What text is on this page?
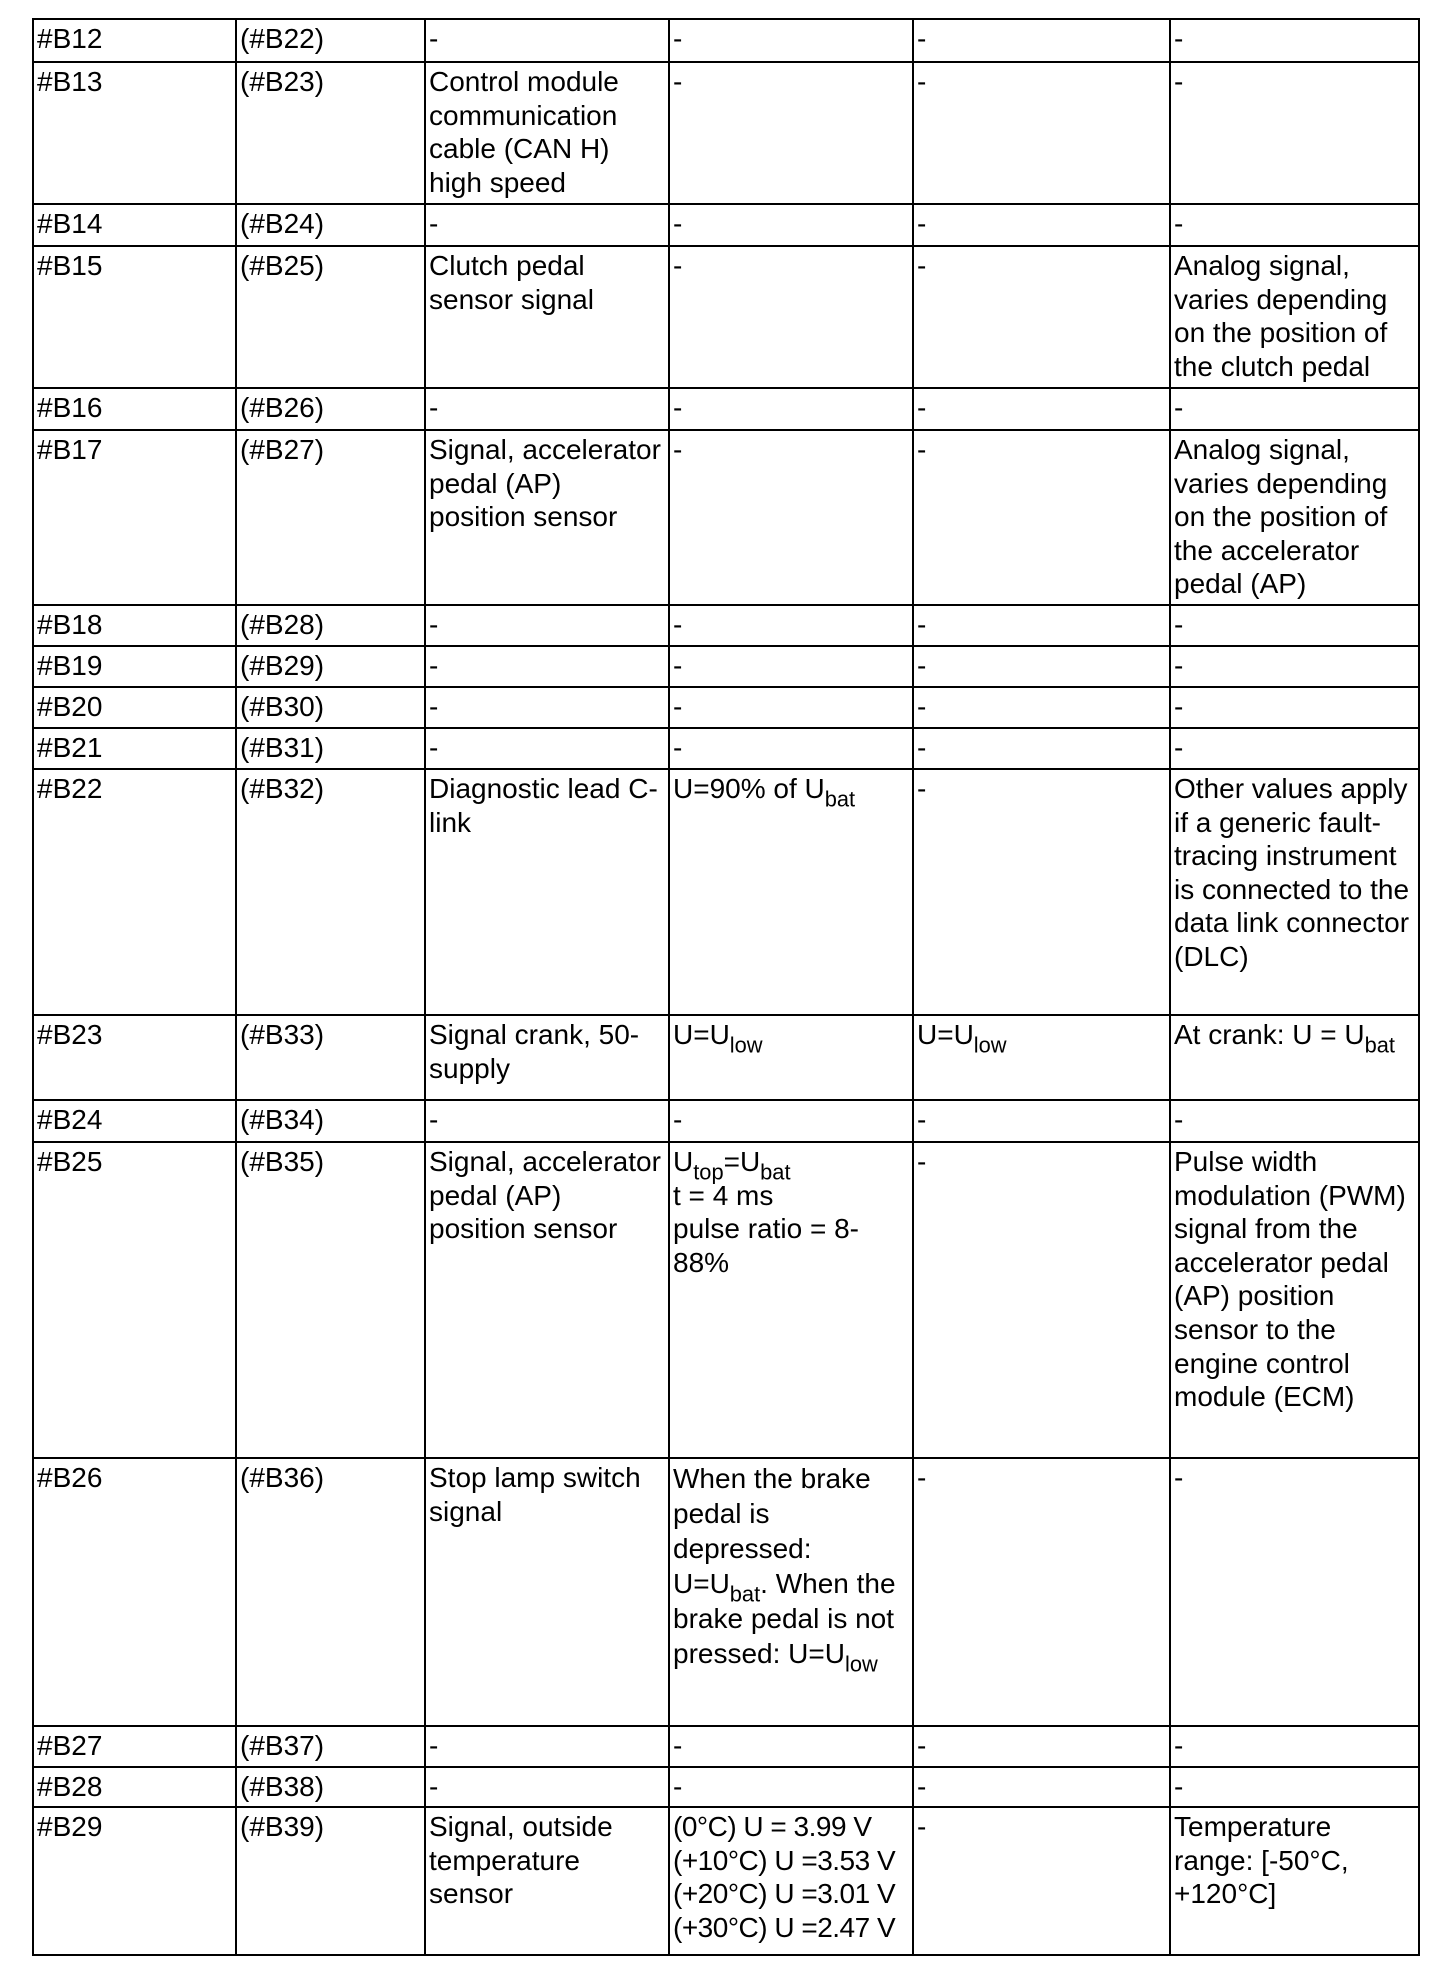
#B12	(#B22)	-	-	-	-
#B13	(#B23)	Control module communication cable (CAN H) high speed	-	-	-
#B14	(#B24)	-	-	-	-
#B15	(#B25)	Clutch pedal sensor signal	-	-	Analog signal, varies depending on the position of the clutch pedal
#B16	(#B26)	-	-	-	-
#B17	(#B27)	Signal, accelerator pedal (AP) position sensor	-	-	Analog signal, varies depending on the position of the accelerator pedal (AP)
#B18	(#B28)	-	-	-	-
#B19	(#B29)	-	-	-	-
#B20	(#B30)	-	-	-	-
#B21	(#B31)	-	-	-	-
#B22	(#B32)	Diagnostic lead C-link	U=90% of $U_{bat}$	-	Other values apply if a generic fault-tracing instrument is connected to the data link connector (DLC)
#B23	(#B33)	Signal crank, 50-supply	$U=U_{low}$	$U=U_{low}$	At crank: $U = U_{bat}$
#B24	(#B34)	-	-	-	-
#B25	(#B35)	Signal, accelerator pedal (AP) position sensor	$U_{top}=U_{bat}$
t = 4 ms
pulse ratio = 8-88%	-	Pulse width modulation (PWM) signal from the accelerator pedal (AP) position sensor to the engine control module (ECM)
#B26	(#B36)	Stop lamp switch signal	When the brake pedal is depressed: $U=U_{bat}$. When the brake pedal is not pressed: $U=U_{low}$	-	-
#B27	(#B37)	-	-	-	-
#B28	(#B38)	-	-	-	-
#B29	(#B39)	Signal, outside temperature sensor	(0°C) U = 3.99 V
(+10°C) U =3.53 V
(+20°C) U =3.01 V
(+30°C) U =2.47 V	-	Temperature range: [-50°C, +120°C]
